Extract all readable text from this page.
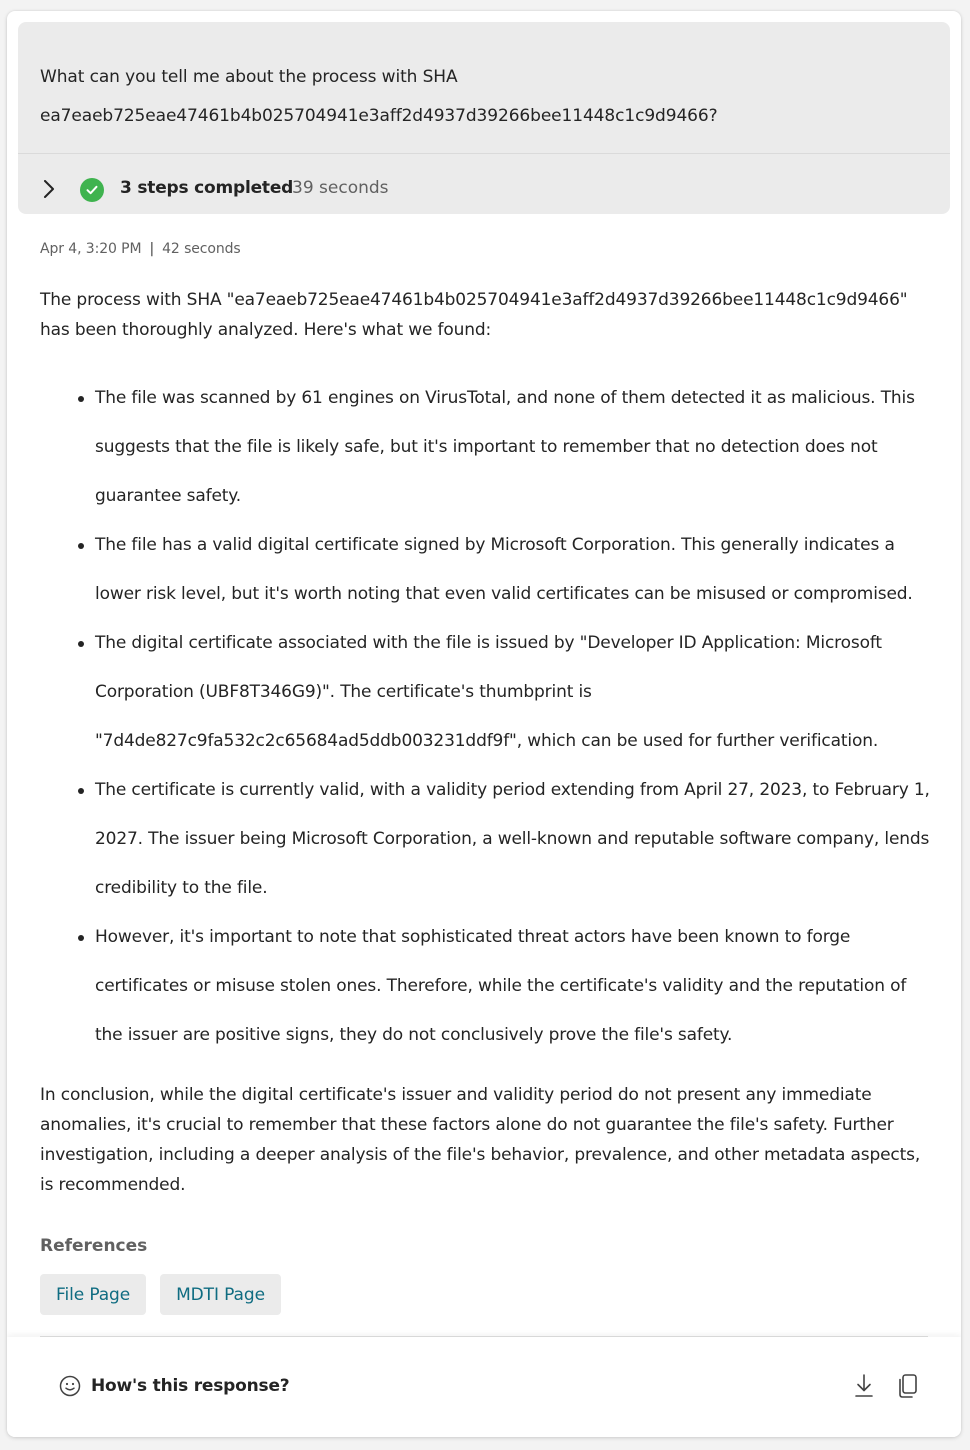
What can you tell me about the process with SHA
ea7eaeb725eae47461b4b025704941e3aff2d4937d39266bee11448c1c9d9466?
3 steps completed
39 seconds
Apr 4, 3:20 PM | 42 seconds

The process with SHA "ea7eaeb725eae47461b4b025704941e3aff2d4937d39266bee11448c1c9d9466" has been thoroughly analyzed. Here's what we found:

The file was scanned by 61 engines on VirusTotal, and none of them detected it as malicious. This suggests that the file is likely safe, but it's important to remember that no detection does not guarantee safety.
The file has a valid digital certificate signed by Microsoft Corporation. This generally indicates a lower risk level, but it's worth noting that even valid certificates can be misused or compromised.
The digital certificate associated with the file is issued by "Developer ID Application: Microsoft Corporation (UBF8T346G9)". The certificate's thumbprint is "7d4de827c9fa532c2c65684ad5ddb003231ddf9f", which can be used for further verification.
The certificate is currently valid, with a validity period extending from April 27, 2023, to February 1, 2027. The issuer being Microsoft Corporation, a well-known and reputable software company, lends credibility to the file.
However, it's important to note that sophisticated threat actors have been known to forge certificates or misuse stolen ones. Therefore, while the certificate's validity and the reputation of the issuer are positive signs, they do not conclusively prove the file's safety.

In conclusion, while the digital certificate's issuer and validity period do not present any immediate anomalies, it's crucial to remember that these factors alone do not guarantee the file's safety. Further investigation, including a deeper analysis of the file's behavior, prevalence, and other metadata aspects, is recommended.

References
File Page	MDTI Page
How's this response?
